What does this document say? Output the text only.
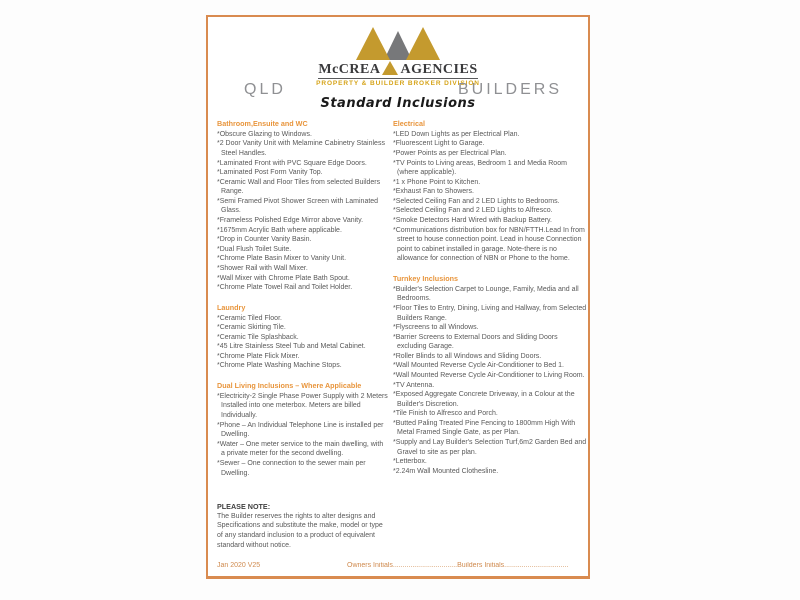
McCREA AGENCIES
PROPERTY & BUILDER BROKER DIVISION
QLD	BUILDERS
Standard Inclusions
Bathroom,Ensuite and WC
*Obscure Glazing to Windows.
*2 Door Vanity Unit with Melamine Cabinetry Stainless Steel Handles.
*Laminated Front with PVC Square Edge Doors.
*Laminated Post Form Vanity Top.
*Ceramic Wall and Floor Tiles from selected Builders Range.
*Semi Framed Pivot Shower Screen with Laminated Glass.
*Frameless Polished Edge Mirror above Vanity.
*1675mm Acrylic Bath where applicable.
*Drop in Counter Vanity Basin.
*Dual Flush Toilet Suite.
*Chrome Plate Basin Mixer to Vanity Unit.
*Shower Rail with Wall Mixer.
*Wall Mixer with Chrome Plate Bath Spout.
*Chrome Plate Towel Rail and Toilet Holder.
Laundry
*Ceramic Tiled Floor.
*Ceramic Skirting Tile.
*Ceramic Tile Splashback.
*45 Litre Stainless Steel Tub and Metal Cabinet.
*Chrome Plate Flick Mixer.
*Chrome Plate Washing Machine Stops.
Dual Living Inclusions – Where Applicable
*Electricity-2 Single Phase Power Supply with 2 Meters Installed into one meterbox. Meters are billed Individually.
*Phone – An Individual Telephone Line is installed per Dwelling.
*Water – One meter service to the main dwelling, with a private meter for the second dwelling.
*Sewer – One connection to the sewer main per Dwelling.
Electrical
*LED Down Lights as per Electrical Plan.
*Fluorescent Light to Garage.
*Power Points as per Electrical Plan.
*TV Points to Living areas, Bedroom 1 and Media Room (where applicable).
*1 x Phone Point to Kitchen.
*Exhaust Fan to Showers.
*Selected Ceiling Fan and 2 LED Lights to Bedrooms.
*Selected Ceiling Fan and 2 LED Lights to Alfresco.
*Smoke Detectors Hard Wired with Backup Battery.
*Communications distribution box for NBN/FTTH.Lead In from street to house connection point. Lead in house Connection point to cabinet installed in garage. Note-there is no allowance for connection of NBN or Phone to the home.
Turnkey Inclusions
*Builder's Selection Carpet to Lounge, Family, Media and all Bedrooms.
*Floor Tiles to Entry, Dining, Living and Hallway, from Selected Builders Range.
*Flyscreens to all Windows.
*Barrier Screens to External Doors and Sliding Doors excluding Garage.
*Roller Blinds to all Windows and Sliding Doors.
*Wall Mounted Reverse Cycle Air-Conditioner to Bed 1.
*Wall Mounted Reverse Cycle Air-Conditioner to Living Room.
*TV Antenna.
*Exposed Aggregate Concrete Driveway, in a Colour at the Builder's Discretion.
*Tile Finish to Alfresco and Porch.
*Butted Paling Treated Pine Fencing to 1800mm High With Metal Framed Single Gate, as per Plan.
*Supply and Lay Builder's Selection Turf,6m2 Garden Bed and Gravel to site as per plan.
*Letterbox.
*2.24m Wall Mounted Clothesline.
PLEASE NOTE:
The Builder reserves the rights to alter designs and Specifications and substitute the make, model or type of any standard inclusion to a product of equivalent standard without notice.
Jan 2020 V25	Owners Initials.................................Builders Initials.................................
